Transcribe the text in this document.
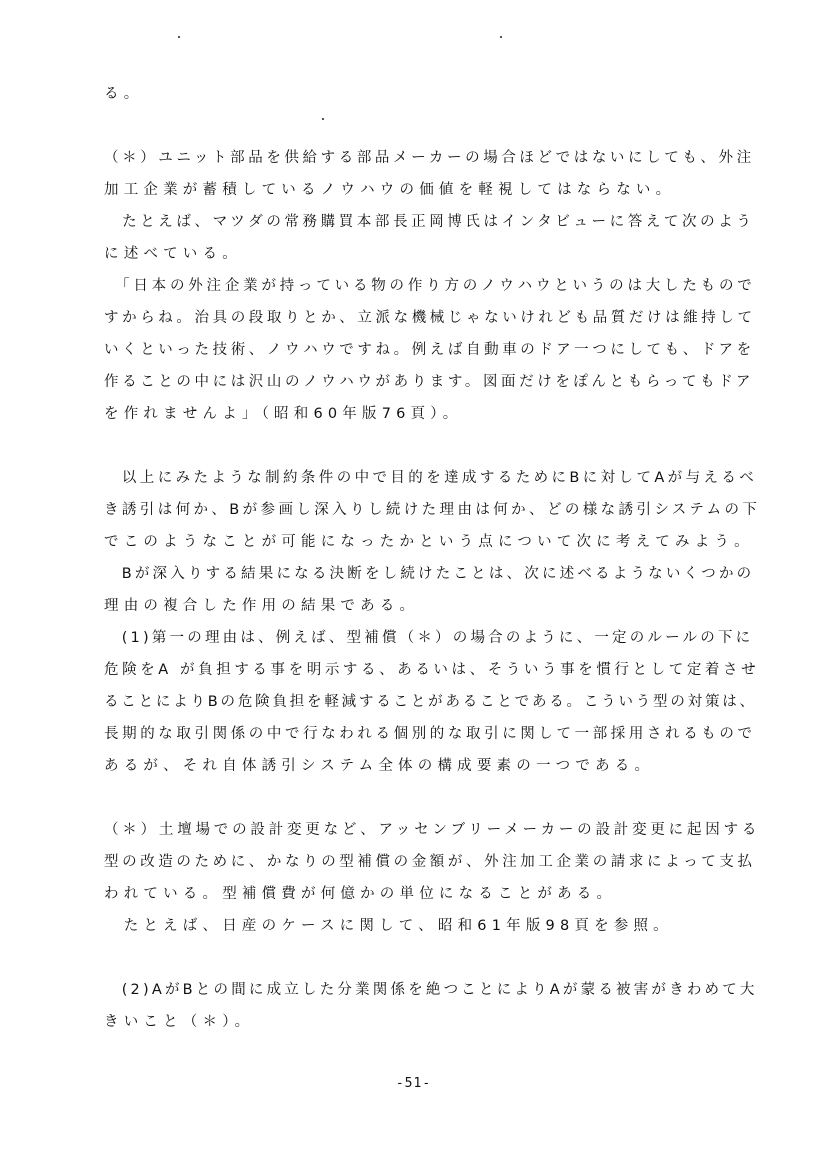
る。
（＊）ユニット部品を供給する部品メーカーの場合ほどではないにしても、外注
加工企業が蓄積しているノウハウの価値を軽視してはならない。
　たとえば、マツダの常務購買本部長正岡博氏はインタビューに答えて次のよう
に述べている。
　「日本の外注企業が持っている物の作り方のノウハウというのは大したもので
すからね。治具の段取りとか、立派な機械じゃないけれども品質だけは維持して
いくといった技術、ノウハウですね。例えば自動車のドア一つにしても、ドアを
作ることの中には沢山のノウハウがあります。図面だけをぽんともらってもドア
を作れませんよ」（昭和60年版76頁）。
　以上にみたような制約条件の中で目的を達成するためにBに対してAが与えるべ
き誘引は何か、Bが参画し深入りし続けた理由は何か、どの様な誘引システムの下
でこのようなことが可能になったかという点について次に考えてみよう。
　Bが深入りする結果になる決断をし続けたことは、次に述べるようないくつかの
理由の複合した作用の結果である。
　(1)第一の理由は、例えば、型補償（＊）の場合のように、一定のルールの下に
危険をA が負担する事を明示する、あるいは、そういう事を慣行として定着させ
ることによりBの危険負担を軽減することがあることである。こういう型の対策は、
長期的な取引関係の中で行なわれる個別的な取引に関して一部採用されるもので
あるが、それ自体誘引システム全体の構成要素の一つである。
（＊）土壇場での設計変更など、アッセンブリーメーカーの設計変更に起因する
型の改造のために、かなりの型補償の金額が、外注加工企業の請求によって支払
われている。型補償費が何億かの単位になることがある。
　たとえば、日産のケースに関して、昭和61年版98頁を参照。
　(2)AがBとの間に成立した分業関係を絶つことによりAが蒙る被害がきわめて大
きいこと（＊）。
-51-
